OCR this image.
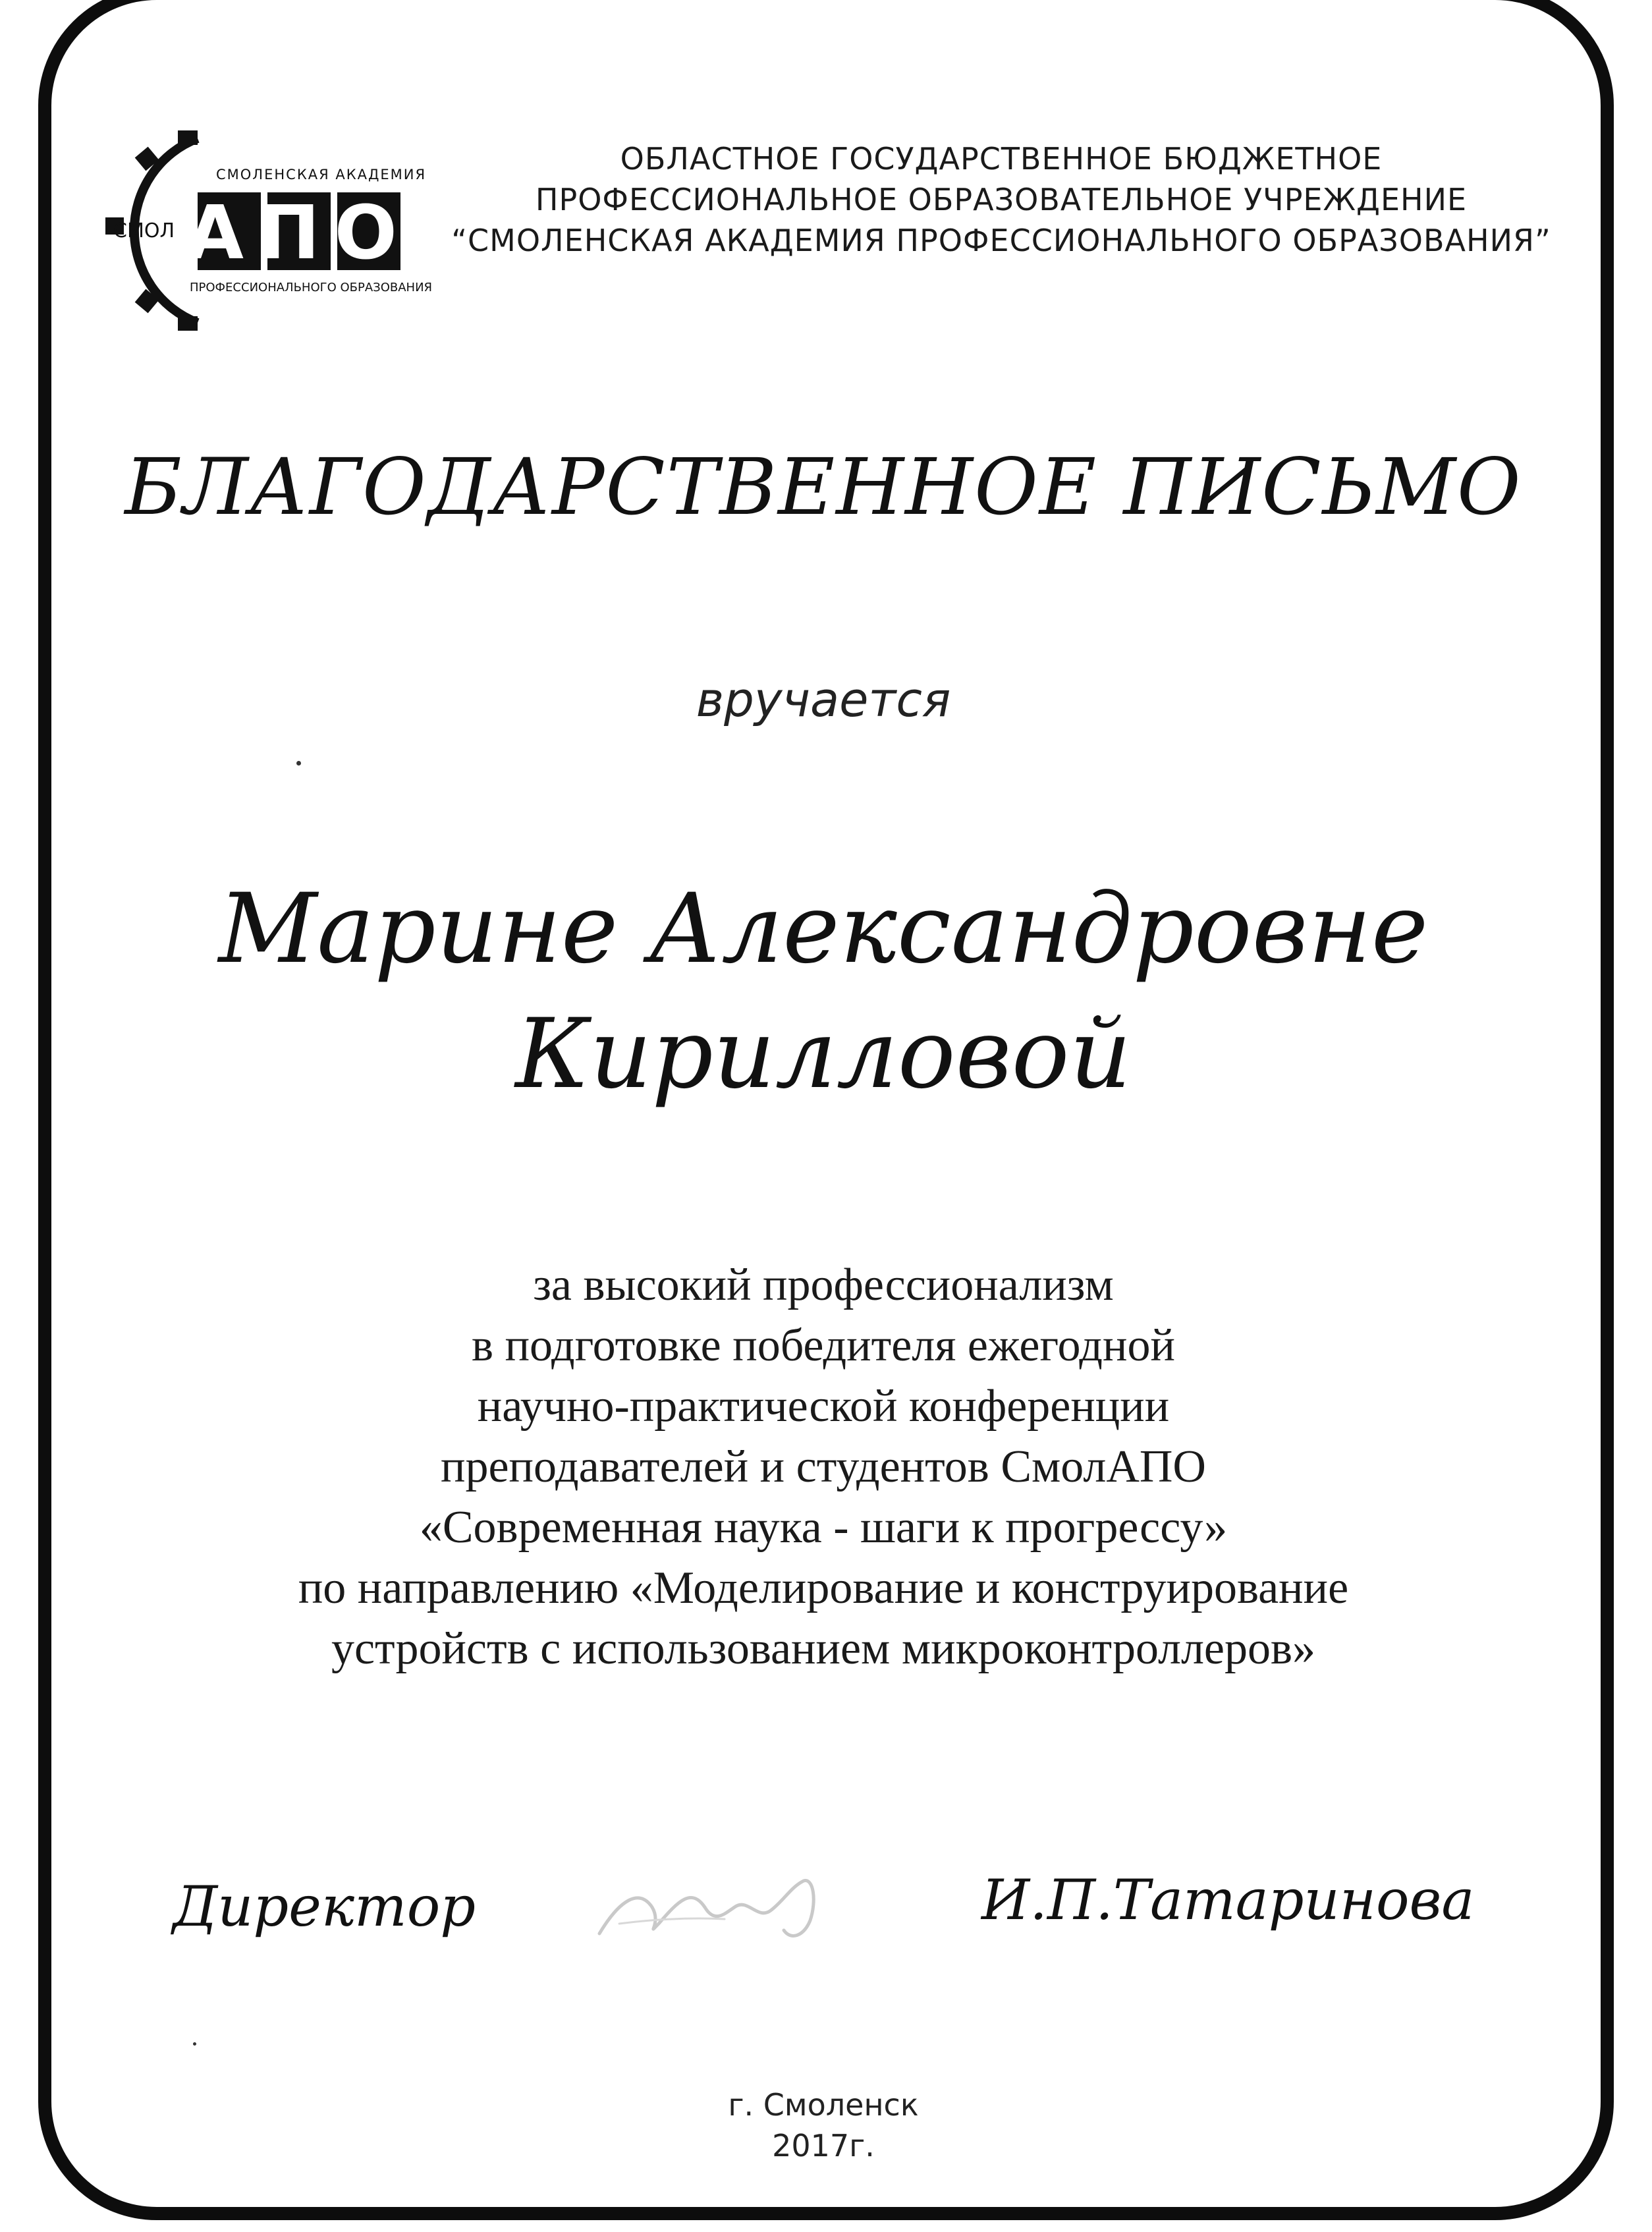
СМОЛЕНСКАЯ АКАДЕМИЯ
СМОЛ АПО
ПРОФЕССИОНАЛЬНОГО ОБРАЗОВАНИЯ
ОБЛАСТНОЕ ГОСУДАРСТВЕННОЕ БЮДЖЕТНОЕ
ПРОФЕССИОНАЛЬНОЕ ОБРАЗОВАТЕЛЬНОЕ УЧРЕЖДЕНИЕ
“СМОЛЕНСКАЯ АКАДЕМИЯ ПРОФЕССИОНАЛЬНОГО ОБРАЗОВАНИЯ”
БЛАГОДАРСТВЕННОЕ ПИСЬМО
вручается
Марине Александровне
Кирилловой
за высокий профессионализм
в подготовке победителя ежегодной
научно-практической конференции
преподавателей и студентов СмолАПО
«Современная наука - шаги к прогрессу»
по направлению «Моделирование и конструирование
устройств с использованием микроконтроллеров»
Директор	И.П.Татаринова
г. Смоленск
2017г.
